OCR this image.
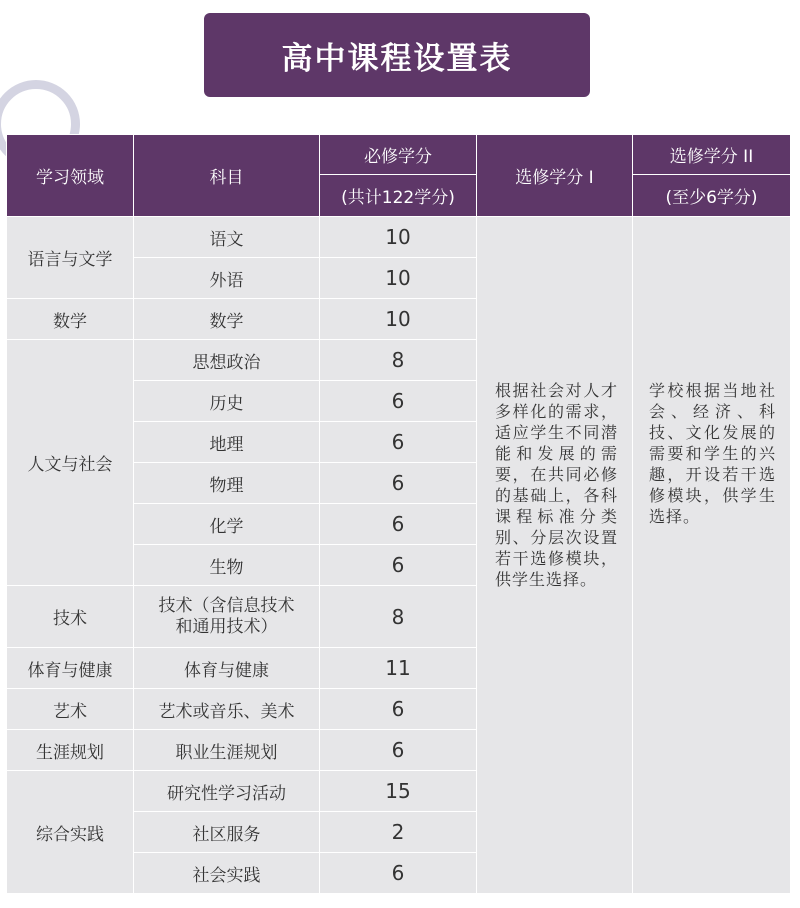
高中课程设置表
学习领域	科目	必修学分	选修学分 I	选修学分 II
		(共计122学分)		(至少6学分)
语言与文学	语文	10	根据社会对人才多样化的需求，适应学生不同潜能和发展的需要，在共同必修的基础上，各科课程标准分类别、分层次设置若干选修模块，供学生选择。	学校根据当地社会、经济、科技、文化发展的需要和学生的兴趣，开设若干选修模块，供学生选择。

	外语	10		
数学	数学	10		
人文与社会	思想政治	8		
	历史	6		
	地理	6		
	物理	6		
	化学	6		
	生物	6		
技术	技术（含信息技术
和通用技术）	8		
体育与健康	体育与健康	11		
艺术	艺术或音乐、美术	6		
生涯规划	职业生涯规划	6		
综合实践	研究性学习活动	15		
	社区服务	2		
	社会实践	6		
